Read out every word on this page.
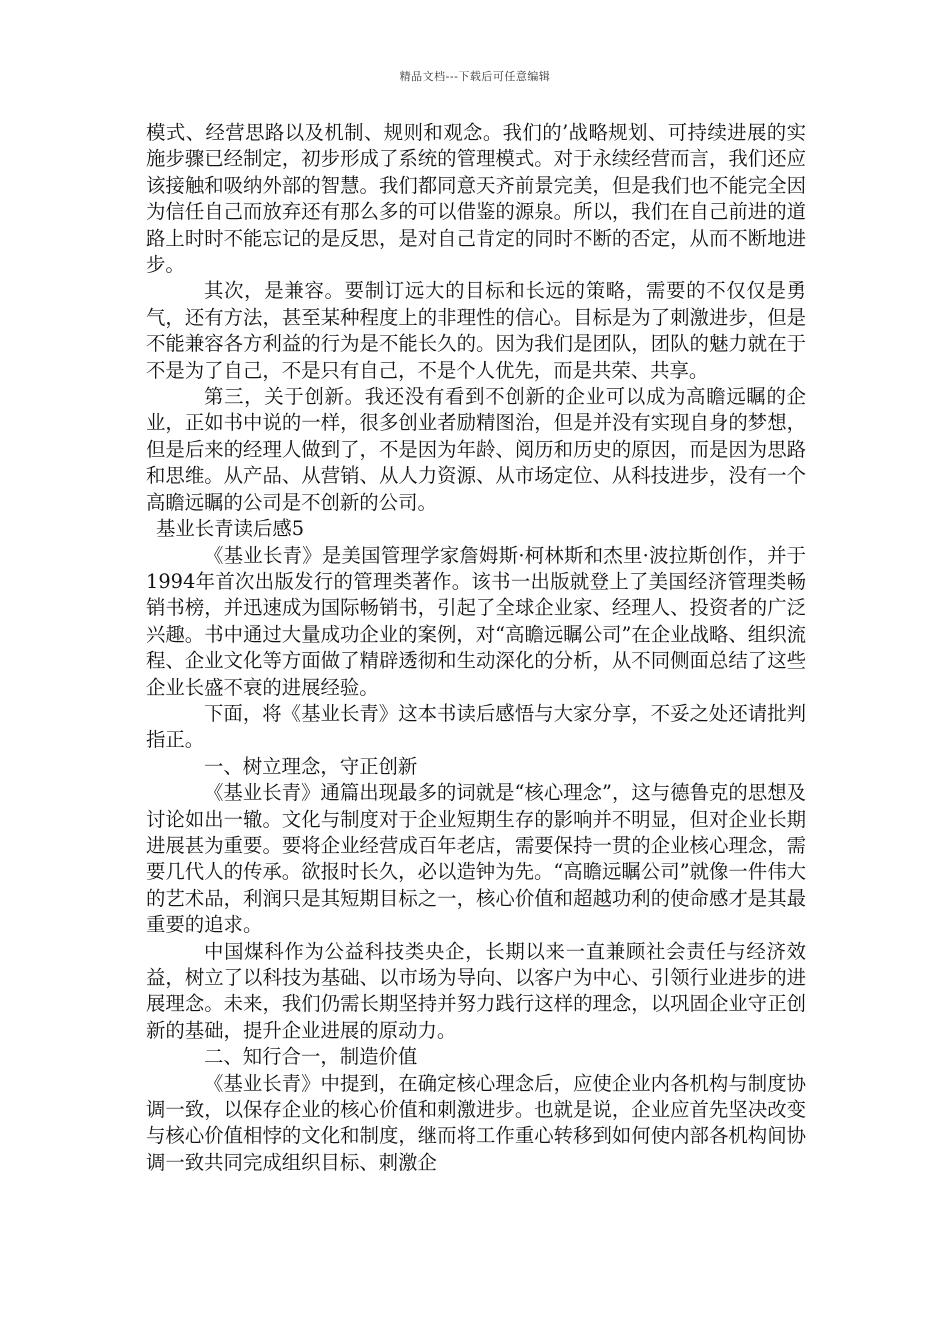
精品文档---下载后可任意编辑

模式、经营思路以及机制、规则和观念。我们的’战略规划、可持续进展的实施步骤已经制定，初步形成了系统的管理模式。对于永续经营而言，我们还应该接触和吸纳外部的智慧。我们都同意天齐前景完美，但是我们也不能完全因为信任自己而放弃还有那么多的可以借鉴的源泉。所以，我们在自己前进的道路上时时不能忘记的是反思，是对自己肯定的同时不断的否定，从而不断地进步。

其次，是兼容。要制订远大的目标和长远的策略，需要的不仅仅是勇气，还有方法，甚至某种程度上的非理性的信心。目标是为了刺激进步，但是不能兼容各方利益的行为是不能长久的。因为我们是团队，团队的魅力就在于不是为了自己，不是只有自己，不是个人优先，而是共荣、共享。

第三，关于创新。我还没有看到不创新的企业可以成为高瞻远瞩的企业，正如书中说的一样，很多创业者励精图治，但是并没有实现自身的梦想，但是后来的经理人做到了，不是因为年龄、阅历和历史的原因，而是因为思路和思维。从产品、从营销、从人力资源、从市场定位、从科技进步，没有一个高瞻远瞩的公司是不创新的公司。

基业长青读后感5

《基业长青》是美国管理学家詹姆斯·柯林斯和杰里·波拉斯创作，并于1994年首次出版发行的管理类著作。该书一出版就登上了美国经济管理类畅销书榜，并迅速成为国际畅销书，引起了全球企业家、经理人、投资者的广泛兴趣。书中通过大量成功企业的案例，对“高瞻远瞩公司”在企业战略、组织流程、企业文化等方面做了精辟透彻和生动深化的分析，从不同侧面总结了这些企业长盛不衰的进展经验。

下面，将《基业长青》这本书读后感悟与大家分享，不妥之处还请批判指正。

一、树立理念，守正创新

《基业长青》通篇出现最多的词就是“核心理念”，这与德鲁克的思想及讨论如出一辙。文化与制度对于企业短期生存的影响并不明显，但对企业长期进展甚为重要。要将企业经营成百年老店，需要保持一贯的企业核心理念，需要几代人的传承。欲报时长久，必以造钟为先。“高瞻远瞩公司”就像一件伟大的艺术品，利润只是其短期目标之一，核心价值和超越功利的使命感才是其最重要的追求。

中国煤科作为公益科技类央企，长期以来一直兼顾社会责任与经济效益，树立了以科技为基础、以市场为导向、以客户为中心、引领行业进步的进展理念。未来，我们仍需长期坚持并努力践行这样的理念，以巩固企业守正创新的基础，提升企业进展的原动力。

二、知行合一，制造价值

《基业长青》中提到，在确定核心理念后，应使企业内各机构与制度协调一致，以保存企业的核心价值和刺激进步。也就是说，企业应首先坚决改变与核心价值相悖的文化和制度，继而将工作重心转移到如何使内部各机构间协调一致共同完成组织目标、刺激企
